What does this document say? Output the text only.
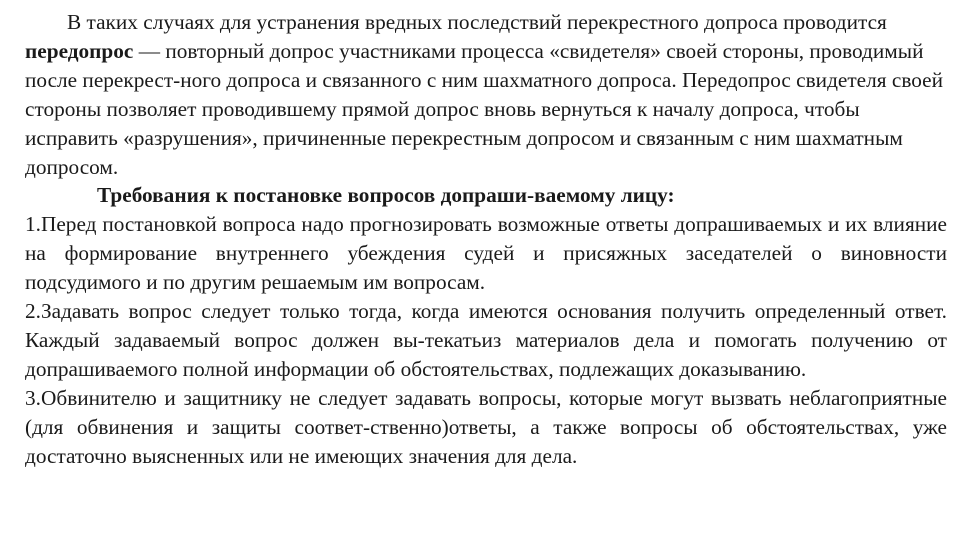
В таких случаях для устранения вредных последствий перекрестного допроса проводится передопрос — повторный допрос участниками процесса «свидетеля» своей стороны, проводимый после перекрест-ного допроса и связанного с ним шахматного допроса. Передопрос свидетеля своей стороны позволяет проводившему прямой допрос вновь вернуться к началу допроса, чтобы исправить «разрушения», причиненные перекрестным допросом и связанным с ним шахматным допросом.

Требования к постановке вопросов допраши-ваемому лицу:

1.Перед постановкой вопроса надо прогнозировать возможные ответы допрашиваемых и их влияние на формирование внутреннего убеждения судей и присяжных заседателей о виновности подсудимого и по другим решаемым им вопросам.

2.Задавать вопрос следует только тогда, когда имеются основания получить определенный ответ. Каждый задаваемый вопрос должен вы-текатьиз материалов дела и помогать получению от допрашиваемого полной информации об обстоятельствах, подлежащих доказыванию.

3.Обвинителю и защитнику не следует задавать вопросы, которые могут вызвать неблагоприятные (для обвинения и защиты соответ-ственно)ответы, а также вопросы об обстоятельствах, уже достаточно выясненных или не имеющих значения для дела.
